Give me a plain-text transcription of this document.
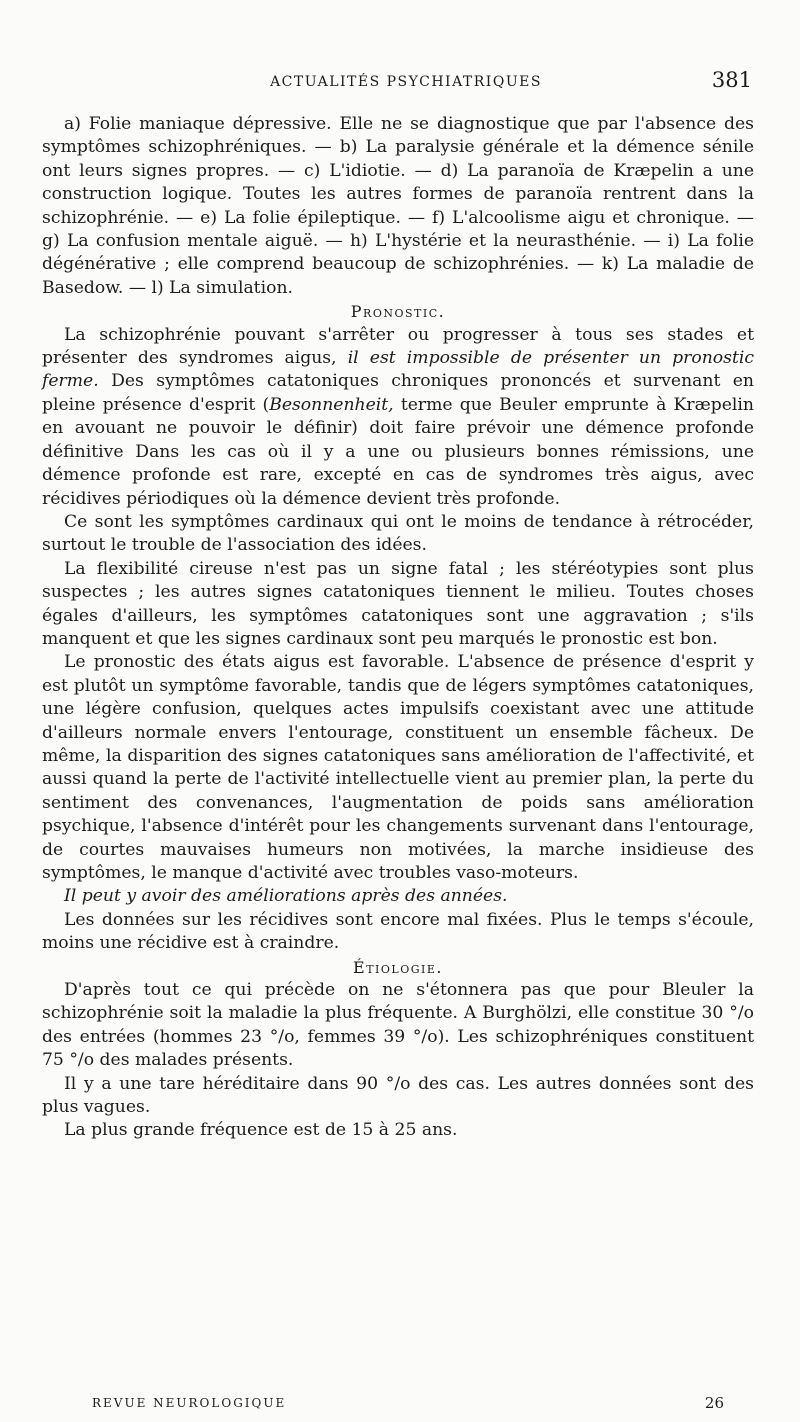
ACTUALITÉS PSYCHIATRIQUES	381

a) Folie maniaque dépressive. Elle ne se diagnostique que par l'absence des symptômes schizophréniques. — b) La paralysie générale et la démence sénile ont leurs signes propres. — c) L'idiotie. — d) La paranoïa de Kræpelin a une construction logique. Toutes les autres formes de paranoïa rentrent dans la schizophrénie. — e) La folie épileptique. — f) L'alcoolisme aigu et chronique. — g) La confusion mentale aiguë. — h) L'hystérie et la neurasthénie. — i) La folie dégénérative ; elle comprend beaucoup de schizophrénies. — k) La maladie de Basedow. — l) La simulation.

Pronostic.

La schizophrénie pouvant s'arrêter ou progresser à tous ses stades et présenter des syndromes aigus, il est impossible de présenter un pronostic ferme. Des symptômes catatoniques chroniques prononcés et survenant en pleine présence d'esprit (Besonnenheit, terme que Beuler emprunte à Kræpelin en avouant ne pouvoir le définir) doit faire prévoir une démence profonde définitive Dans les cas où il y a une ou plusieurs bonnes rémissions, une démence profonde est rare, excepté en cas de syndromes très aigus, avec récidives périodiques où la démence devient très profonde.

Ce sont les symptômes cardinaux qui ont le moins de tendance à rétrocéder, surtout le trouble de l'association des idées.

La flexibilité cireuse n'est pas un signe fatal ; les stéréotypies sont plus suspectes ; les autres signes catatoniques tiennent le milieu. Toutes choses égales d'ailleurs, les symptômes catatoniques sont une aggravation ; s'ils manquent et que les signes cardinaux sont peu marqués le pronostic est bon.

Le pronostic des états aigus est favorable. L'absence de présence d'esprit y est plutôt un symptôme favorable, tandis que de légers symptômes catatoniques, une légère confusion, quelques actes impulsifs coexistant avec une attitude d'ailleurs normale envers l'entourage, constituent un ensemble fâcheux. De même, la disparition des signes catatoniques sans amélioration de l'affectivité, et aussi quand la perte de l'activité intellectuelle vient au premier plan, la perte du sentiment des convenances, l'augmentation de poids sans amélioration psychique, l'absence d'intérêt pour les changements survenant dans l'entourage, de courtes mauvaises humeurs non motivées, la marche insidieuse des symptômes, le manque d'activité avec troubles vaso-moteurs.

Il peut y avoir des améliorations après des années.

Les données sur les récidives sont encore mal fixées. Plus le temps s'écoule, moins une récidive est à craindre.

Étiologie.

D'après tout ce qui précède on ne s'étonnera pas que pour Bleuler la schizophrénie soit la maladie la plus fréquente. A Burghölzi, elle constitue 30 °/o des entrées (hommes 23 °/o, femmes 39 °/o). Les schizophréniques constituent 75 °/o des malades présents.

Il y a une tare héréditaire dans 90 °/o des cas. Les autres données sont des plus vagues.

La plus grande fréquence est de 15 à 25 ans.

REVUE NEUROLOGIQUE	26
